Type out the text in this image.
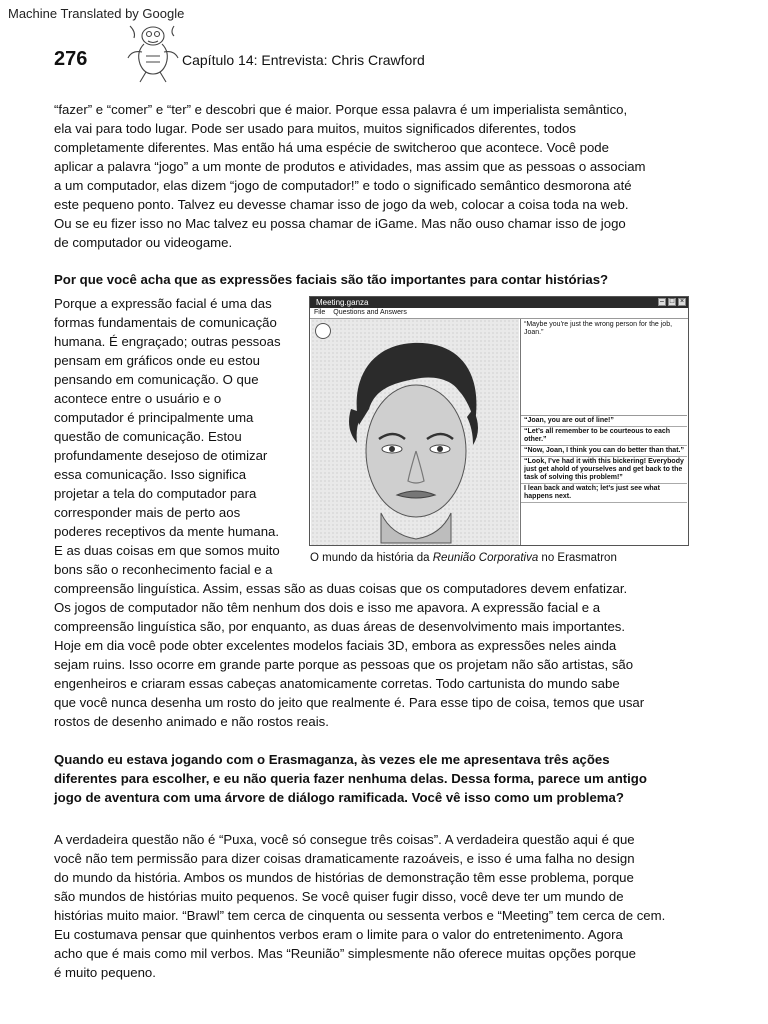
Machine Translated by Google
276	Capítulo 14: Entrevista: Chris Crawford
“fazer” e “comer” e “ter” e descobri que é maior. Porque essa palavra é um imperialista semântico,
ela vai para todo lugar. Pode ser usado para muitos, muitos significados diferentes, todos
completamente diferentes. Mas então há uma espécie de switcheroo que acontece. Você pode
aplicar a palavra “jogo” a um monte de produtos e atividades, mas assim que as pessoas o associam
a um computador, elas dizem “jogo de computador!” e todo o significado semântico desmorona até
este pequeno ponto. Talvez eu devesse chamar isso de jogo da web, colocar a coisa toda na web.
Ou se eu fizer isso no Mac talvez eu possa chamar de iGame. Mas não ouso chamar isso de jogo
de computador ou videogame.
Por que você acha que as expressões faciais são tão importantes para contar histórias?
Porque a expressão facial é uma das
formas fundamentais de comunicação
humana. É engraçado; outras pessoas
pensam em gráficos onde eu estou
pensando em comunicação. O que
acontece entre o usuário e o
computador é principalmente uma
questão de comunicação. Estou
profundamente desejoso de otimizar
essa comunicação. Isso significa
projetar a tela do computador para
corresponder mais de perto aos
poderes receptivos da mente humana.
E as duas coisas em que somos muito
bons são o reconhecimento facial e a
Meeting.ganza	– □ ×
File Questions and Answers
“Maybe you're just the wrong person for the job, Joan.”
“Joan, you are out of line!”
“Let’s all remember to be courteous to each other.”
“Now, Joan, I think you can do better than that.”
“Look, I’ve had it with this bickering! Everybody just get ahold of yourselves and get back to the task of solving this problem!”
I lean back and watch; let’s just see what happens next.
O mundo da história da Reunião Corporativa no Erasmatron
compreensão linguística. Assim, essas são as duas coisas que os computadores devem enfatizar.
Os jogos de computador não têm nenhum dos dois e isso me apavora. A expressão facial e a
compreensão linguística são, por enquanto, as duas áreas de desenvolvimento mais importantes.
Hoje em dia você pode obter excelentes modelos faciais 3D, embora as expressões neles ainda
sejam ruins. Isso ocorre em grande parte porque as pessoas que os projetam não são artistas, são
engenheiros e criaram essas cabeças anatomicamente corretas. Todo cartunista do mundo sabe
que você nunca desenha um rosto do jeito que realmente é. Para esse tipo de coisa, temos que usar
rostos de desenho animado e não rostos reais.
Quando eu estava jogando com o Erasmaganza, às vezes ele me apresentava três ações
diferentes para escolher, e eu não queria fazer nenhuma delas. Dessa forma, parece um antigo
jogo de aventura com uma árvore de diálogo ramificada. Você vê isso como um problema?
A verdadeira questão não é “Puxa, você só consegue três coisas”. A verdadeira questão aqui é que
você não tem permissão para dizer coisas dramaticamente razoáveis, e isso é uma falha no design
do mundo da história. Ambos os mundos de histórias de demonstração têm esse problema, porque
são mundos de histórias muito pequenos. Se você quiser fugir disso, você deve ter um mundo de
histórias muito maior. “Brawl” tem cerca de cinquenta ou sessenta verbos e “Meeting” tem cerca de cem.
Eu costumava pensar que quinhentos verbos eram o limite para o valor do entretenimento. Agora
acho que é mais como mil verbos. Mas “Reunião” simplesmente não oferece muitas opções porque
é muito pequeno.
